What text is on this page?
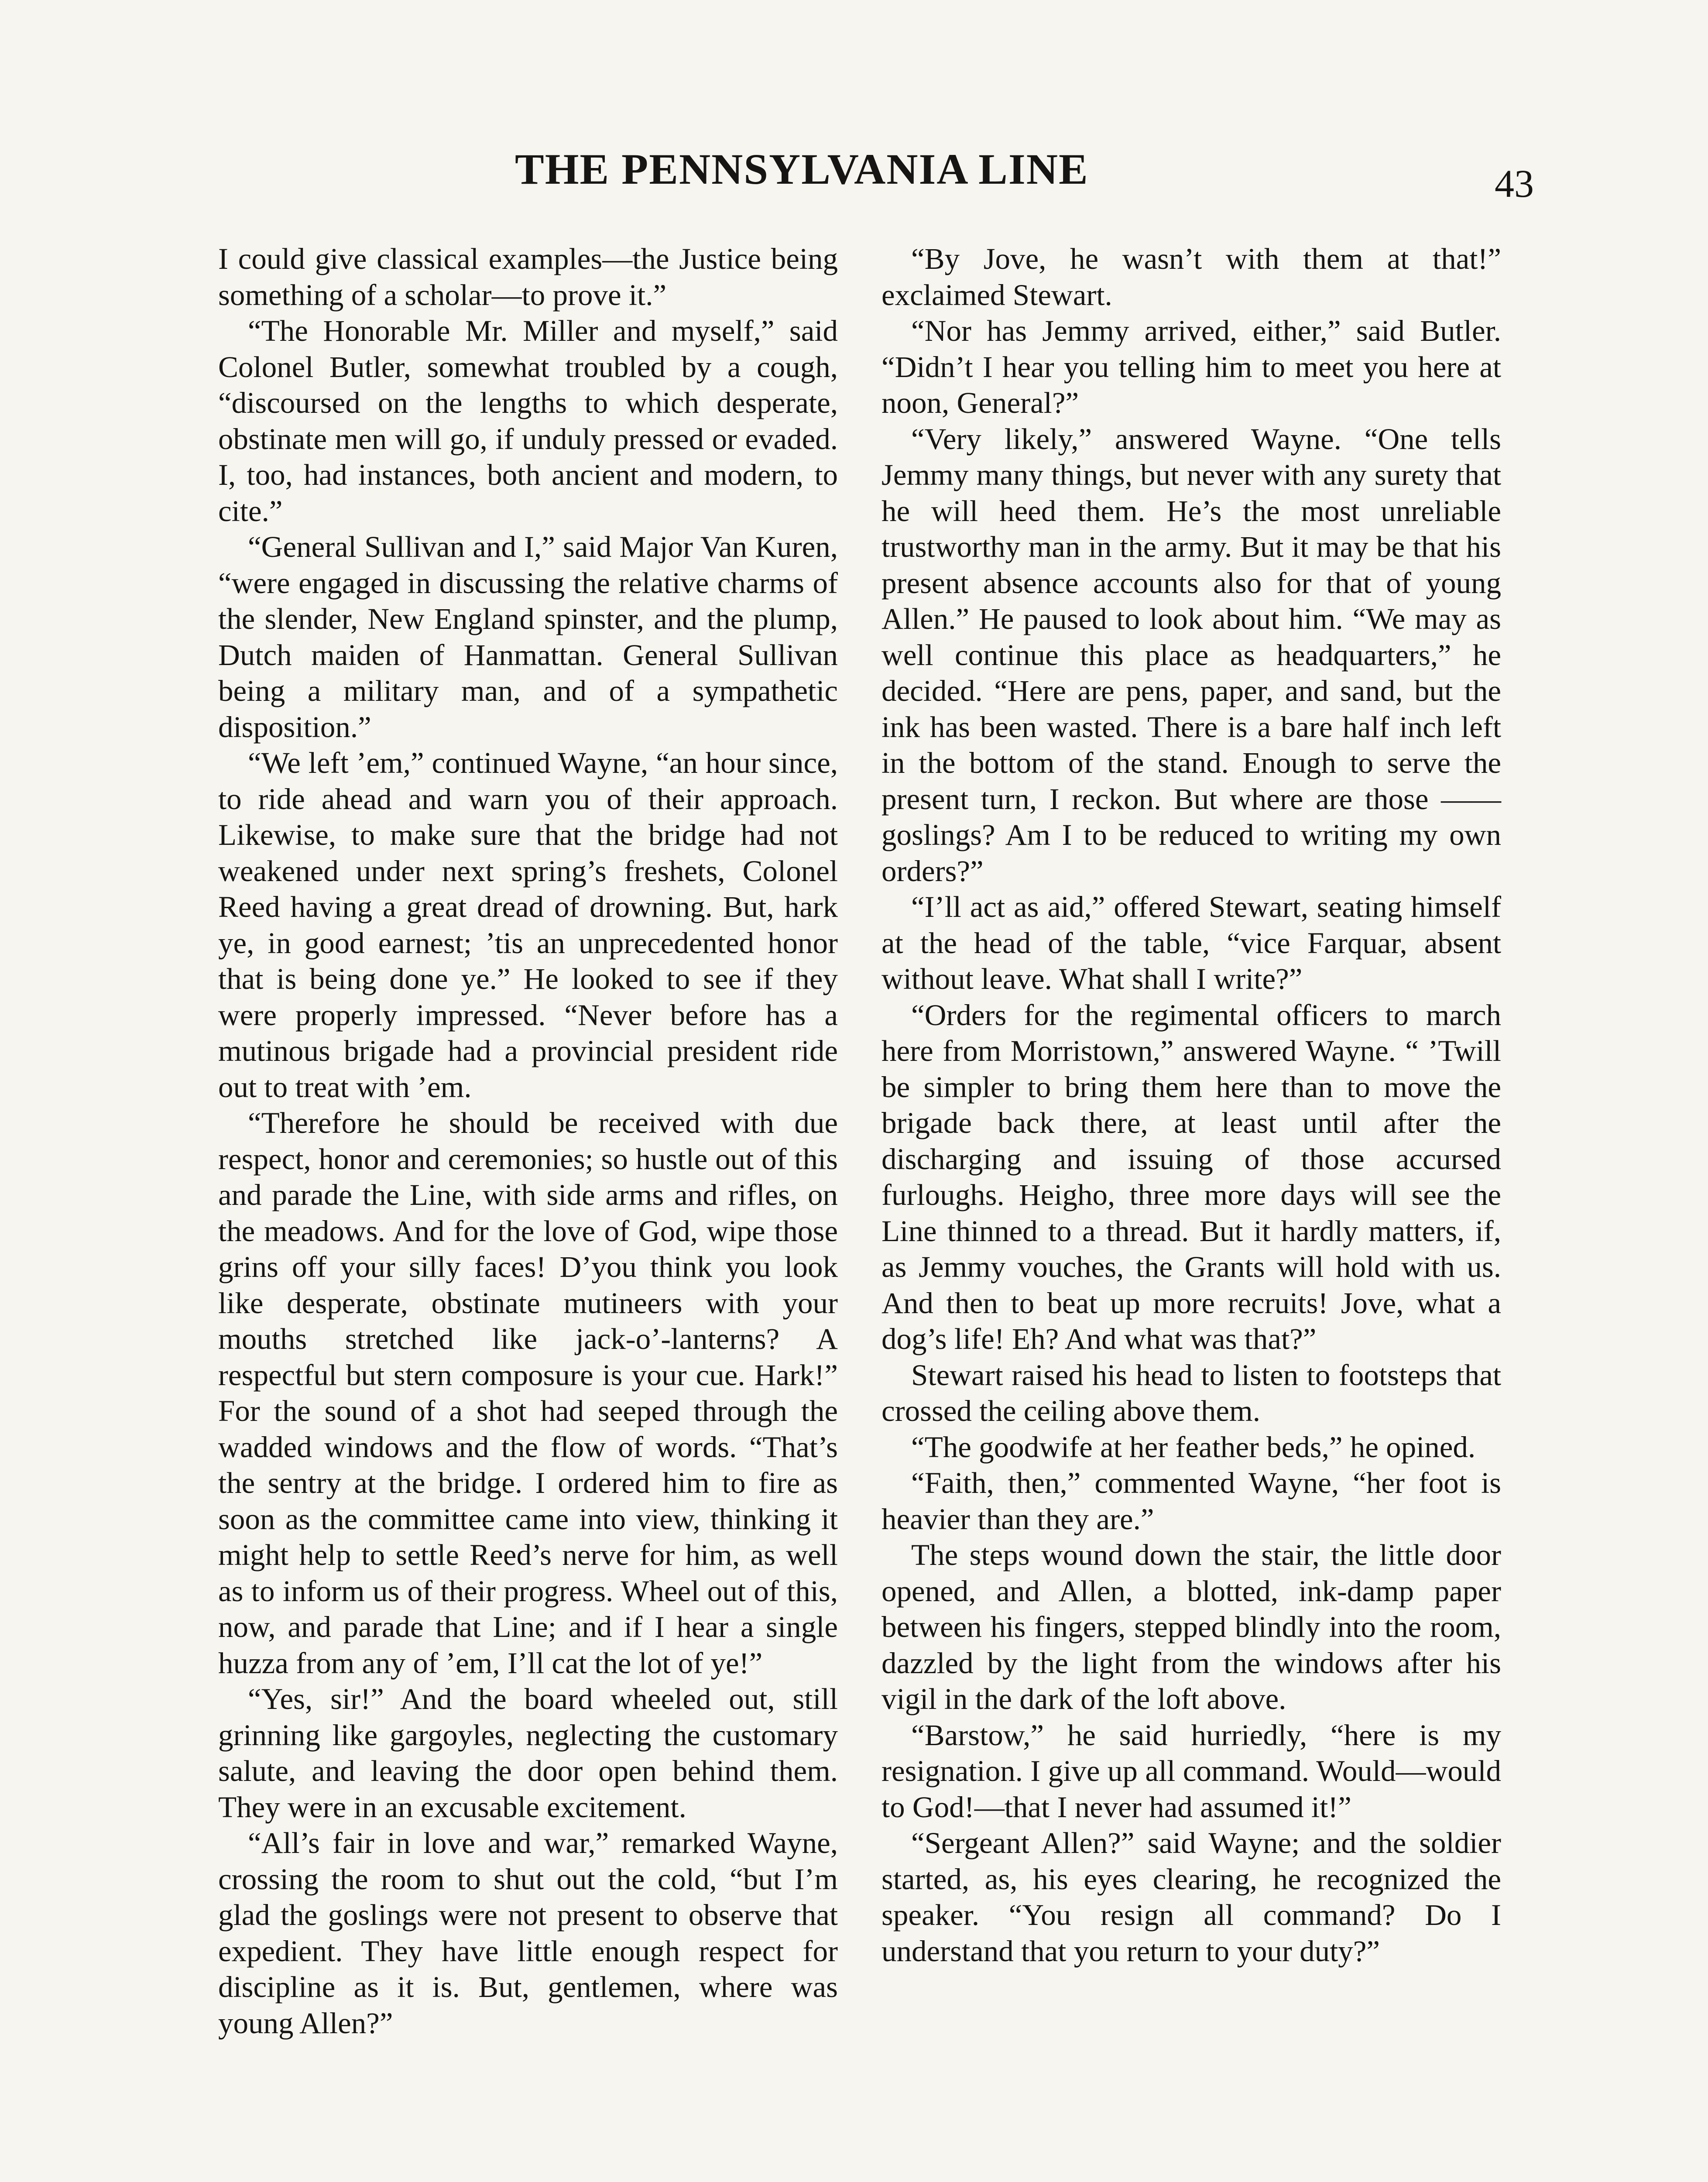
THE PENNSYLVANIA LINE	43

I could give classical examples—the Justice being something of a scholar—to prove it.”

“The Honorable Mr. Miller and myself,” said Colonel Butler, somewhat troubled by a cough, “discoursed on the lengths to which desperate, obstinate men will go, if unduly pressed or evaded. I, too, had instances, both ancient and modern, to cite.”

“General Sullivan and I,” said Major Van Kuren, “were engaged in discussing the relative charms of the slender, New England spinster, and the plump, Dutch maiden of Hanmattan. General Sullivan being a military man, and of a sympathetic disposition.”

“We left ’em,” continued Wayne, “an hour since, to ride ahead and warn you of their approach. Likewise, to make sure that the bridge had not weakened under next spring’s freshets, Colonel Reed having a great dread of drowning. But, hark ye, in good earnest; ’tis an unprecedented honor that is being done ye.” He looked to see if they were properly impressed. “Never before has a mutinous brigade had a provincial president ride out to treat with ’em.

“Therefore he should be received with due respect, honor and ceremonies; so hustle out of this and parade the Line, with side arms and rifles, on the meadows. And for the love of God, wipe those grins off your silly faces! D’you think you look like desperate, obstinate mutineers with your mouths stretched like jack-o’-lanterns? A respectful but stern composure is your cue. Hark!” For the sound of a shot had seeped through the wadded windows and the flow of words. “That’s the sentry at the bridge. I ordered him to fire as soon as the committee came into view, thinking it might help to settle Reed’s nerve for him, as well as to inform us of their progress. Wheel out of this, now, and parade that Line; and if I hear a single huzza from any of ’em, I’ll cat the lot of ye!”

“Yes, sir!” And the board wheeled out, still grinning like gargoyles, neglecting the customary salute, and leaving the door open behind them. They were in an excusable excitement.

“All’s fair in love and war,” remarked Wayne, crossing the room to shut out the cold, “but I’m glad the goslings were not present to observe that expedient. They have little enough respect for discipline as it is. But, gentlemen, where was young Allen?”

“By Jove, he wasn’t with them at that!” exclaimed Stewart.

“Nor has Jemmy arrived, either,” said Butler. “Didn’t I hear you telling him to meet you here at noon, General?”

“Very likely,” answered Wayne. “One tells Jemmy many things, but never with any surety that he will heed them. He’s the most unreliable trustworthy man in the army. But it may be that his present absence accounts also for that of young Allen.” He paused to look about him. “We may as well continue this place as headquarters,” he decided. “Here are pens, paper, and sand, but the ink has been wasted. There is a bare half inch left in the bottom of the stand. Enough to serve the present turn, I reckon. But where are those —— goslings? Am I to be reduced to writing my own orders?”

“I’ll act as aid,” offered Stewart, seating himself at the head of the table, “vice Farquar, absent without leave. What shall I write?”

“Orders for the regimental officers to march here from Morristown,” answered Wayne. “ ’Twill be simpler to bring them here than to move the brigade back there, at least until after the discharging and issuing of those accursed furloughs. Heigho, three more days will see the Line thinned to a thread. But it hardly matters, if, as Jemmy vouches, the Grants will hold with us. And then to beat up more recruits! Jove, what a dog’s life! Eh? And what was that?”

Stewart raised his head to listen to footsteps that crossed the ceiling above them.

“The goodwife at her feather beds,” he opined.

“Faith, then,” commented Wayne, “her foot is heavier than they are.”

The steps wound down the stair, the little door opened, and Allen, a blotted, ink-damp paper between his fingers, stepped blindly into the room, dazzled by the light from the windows after his vigil in the dark of the loft above.

“Barstow,” he said hurriedly, “here is my resignation. I give up all command. Would—would to God!—that I never had assumed it!”

“Sergeant Allen?” said Wayne; and the soldier started, as, his eyes clearing, he recognized the speaker. “You resign all command? Do I understand that you return to your duty?”
